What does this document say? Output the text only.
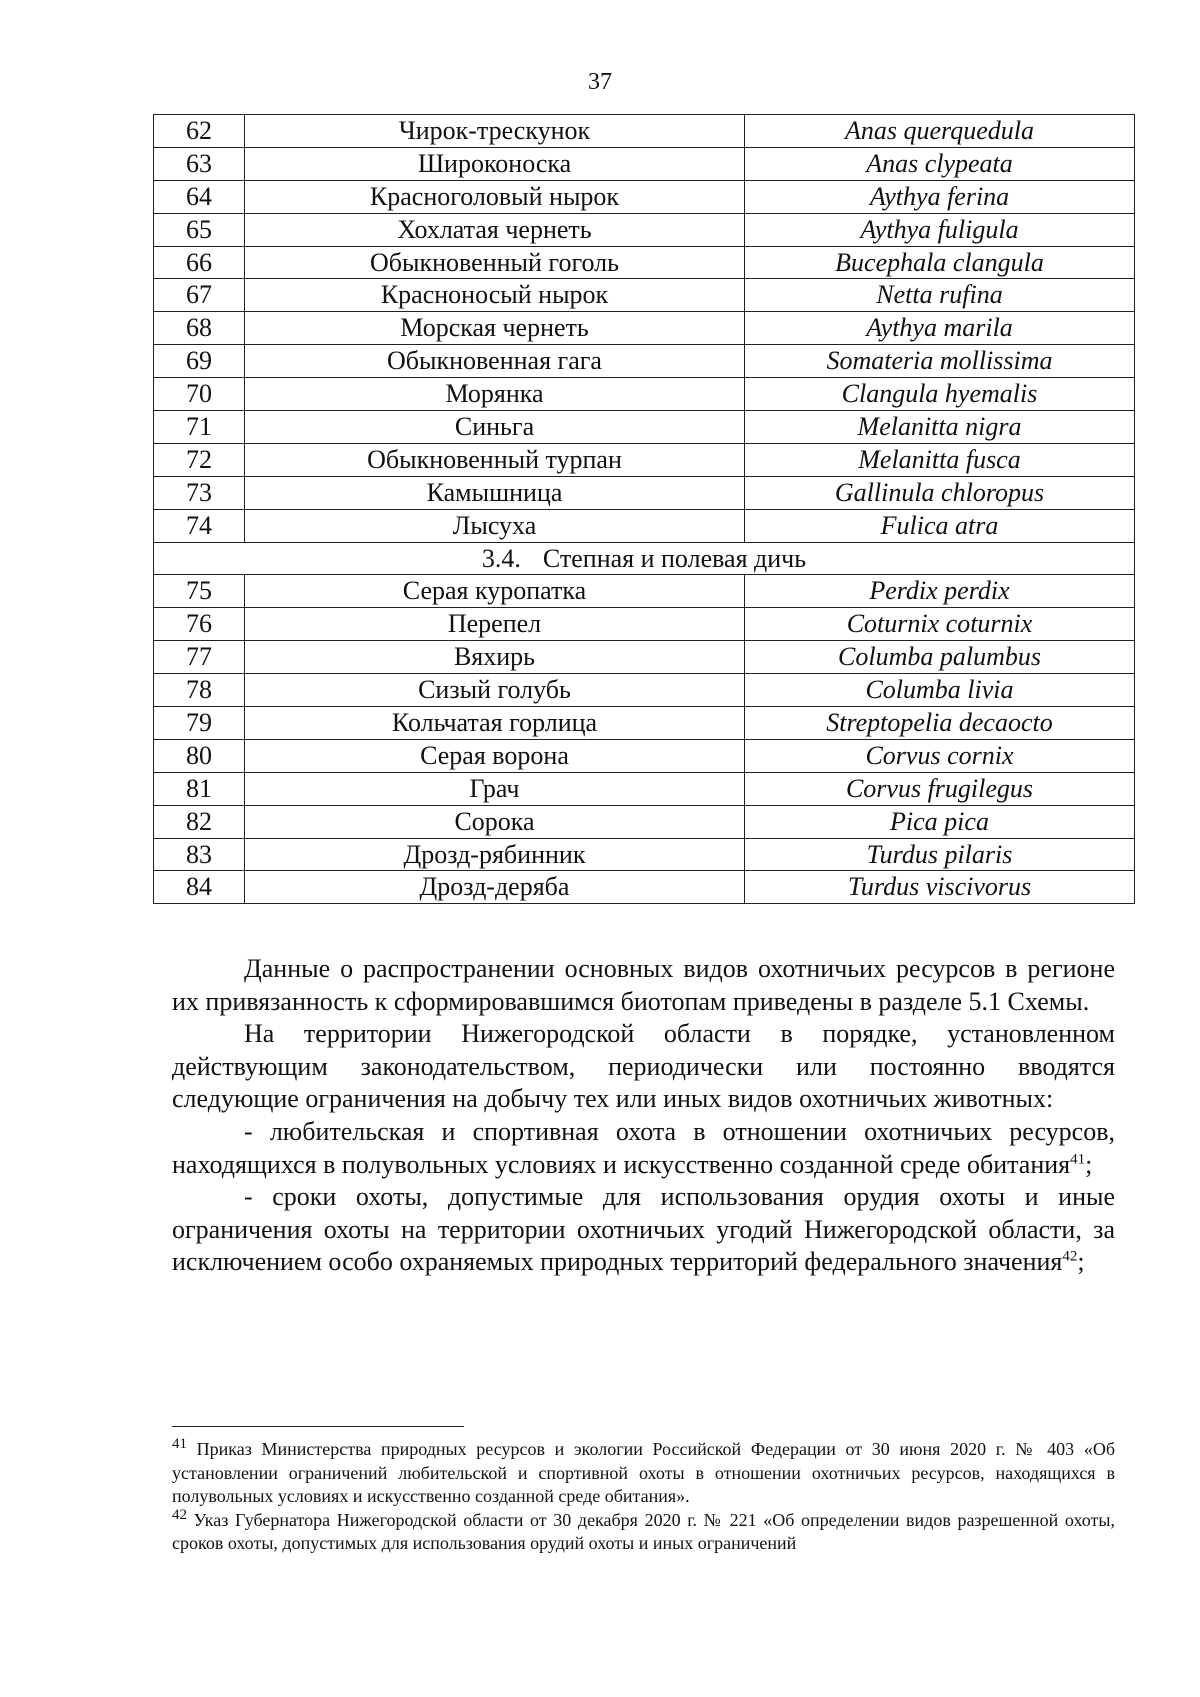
37
62	Чирок-трескунок	Anas querquedula
63	Широконоска	Anas clypeata
64	Красноголовый нырок	Aythya ferina
65	Хохлатая чернеть	Aythya fuligula
66	Обыкновенный гоголь	Bucephala clangula
67	Красноносый нырок	Netta rufina
68	Морская чернеть	Aythya marila
69	Обыкновенная гага	Somateria mollissima
70	Морянка	Clangula hyemalis
71	Синьга	Melanitta nigra
72	Обыкновенный турпан	Melanitta fusca
73	Камышница	Gallinula chloropus
74	Лысуха	Fulica atra
3.4. Степная и полевая дичь		
75	Серая куропатка	Perdix perdix
76	Перепел	Coturnix coturnix
77	Вяхирь	Columba palumbus
78	Сизый голубь	Columba livia
79	Кольчатая горлица	Streptopelia decaocto
80	Серая ворона	Corvus cornix
81	Грач	Corvus frugilegus
82	Сорока	Pica pica
83	Дрозд-рябинник	Turdus pilaris
84	Дрозд-деряба	Turdus viscivorus

Данные о распространении основных видов охотничьих ресурсов в регионе их привязанность к сформировавшимся биотопам приведены в разделе 5.1 Схемы.

На территории Нижегородской области в порядке, установленном действующим законодательством, периодически или постоянно вводятся следующие ограничения на добычу тех или иных видов охотничьих животных:

- любительская и спортивная охота в отношении охотничьих ресурсов, находящихся в полувольных условиях и искусственно созданной среде обитания$^{41}$;

- сроки охоты, допустимые для использования орудия охоты и иные ограничения охоты на территории охотничьих угодий Нижегородской области, за исключением особо охраняемых природных территорий федерального значения$^{42}$;

$^{41}$ Приказ Министерства природных ресурсов и экологии Российской Федерации от 30 июня 2020 г. № 403 «Об установлении ограничений любительской и спортивной охоты в отношении охотничьих ресурсов, находящихся в полувольных условиях и искусственно созданной среде обитания».

$^{42}$ Указ Губернатора Нижегородской области от 30 декабря 2020 г. № 221 «Об определении видов разрешенной охоты, сроков охоты, допустимых для использования орудий охоты и иных ограничений
